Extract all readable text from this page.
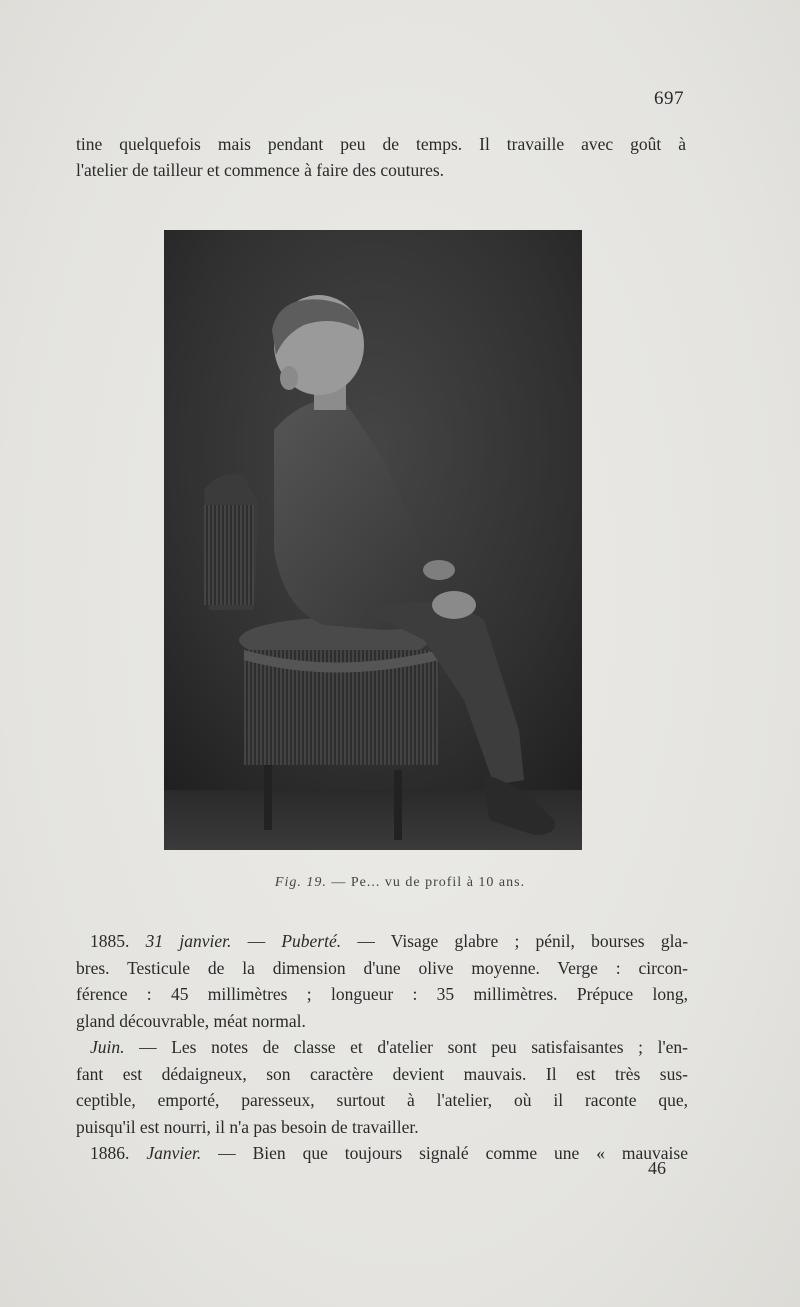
697
tine quelquefois mais pendant peu de temps. Il travaille avec goût à
l'atelier de tailleur et commence à faire des coutures.
Fig. 19. — Pe... vu de profil à 10 ans.
1885. 31 janvier. — Puberté. — Visage glabre ; pénil, bourses gla-
bres. Testicule de la dimension d'une olive moyenne. Verge : circon-
férence : 45 millimètres ; longueur : 35 millimètres. Prépuce long,
gland découvrable, méat normal.
Juin. — Les notes de classe et d'atelier sont peu satisfaisantes ; l'en-
fant est dédaigneux, son caractère devient mauvais. Il est très sus-
ceptible, emporté, paresseux, surtout à l'atelier, où il raconte que,
puisqu'il est nourri, il n'a pas besoin de travailler.
1886. Janvier. — Bien que toujours signalé comme une « mauvaise
46
